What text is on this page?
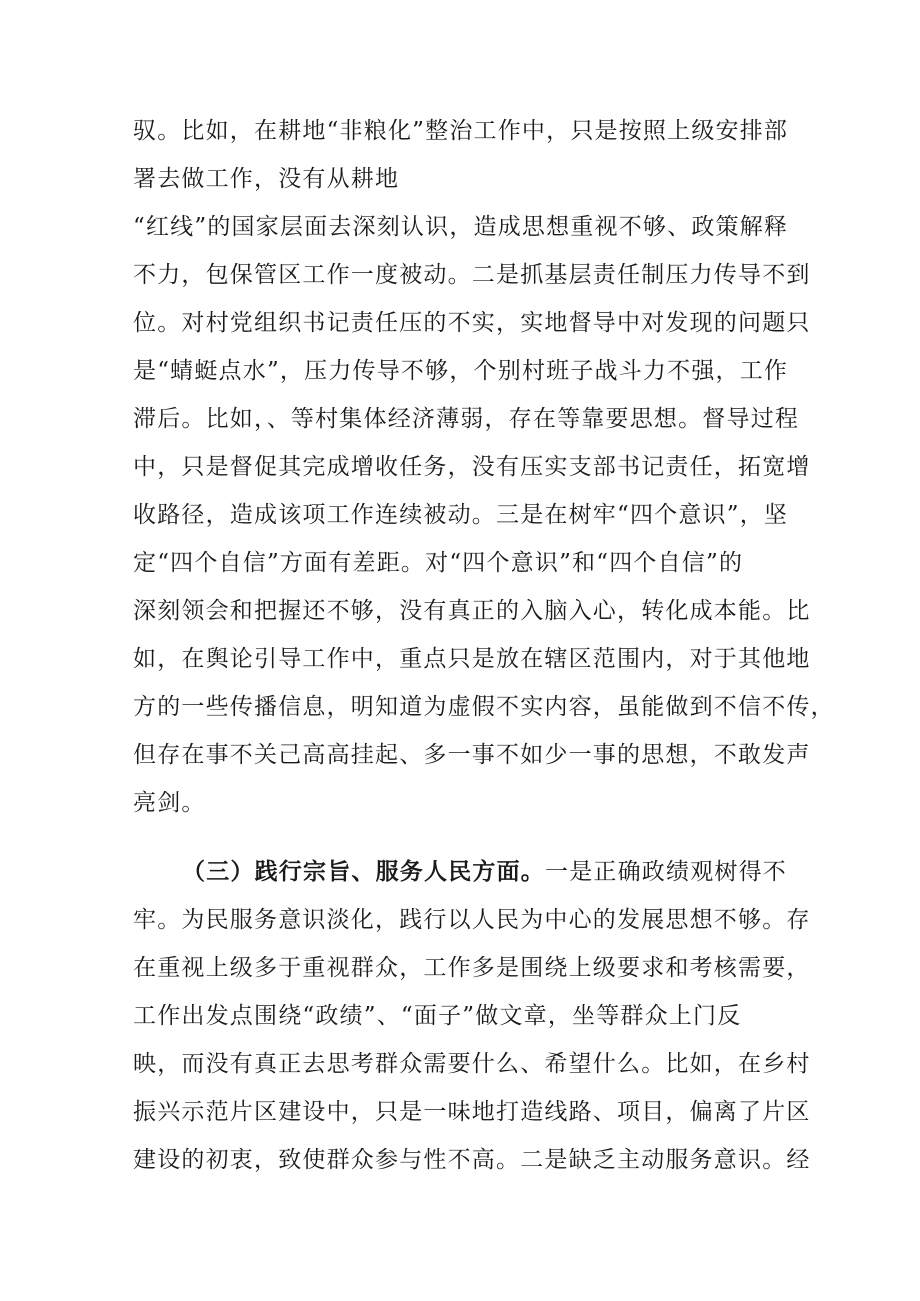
驭。比如，在耕地“非粮化”整治工作中，只是按照上级安排部
署去做工作，没有从耕地
“红线”的国家层面去深刻认识，造成思想重视不够、政策解释
不力，包保管区工作一度被动。二是抓基层责任制压力传导不到
位。对村党组织书记责任压的不实，实地督导中对发现的问题只
是“蜻蜓点水”，压力传导不够，个别村班子战斗力不强，工作
滞后。比如，、等村集体经济薄弱，存在等靠要思想。督导过程
中，只是督促其完成增收任务，没有压实支部书记责任，拓宽增
收路径，造成该项工作连续被动。三是在树牢“四个意识”，坚
定“四个自信”方面有差距。对“四个意识”和“四个自信”的
深刻领会和把握还不够，没有真正的入脑入心，转化成本能。比
如，在舆论引导工作中，重点只是放在辖区范围内，对于其他地
方的一些传播信息，明知道为虚假不实内容，虽能做到不信不传，
但存在事不关己高高挂起、多一事不如少一事的思想，不敢发声
亮剑。
（三）践行宗旨、服务人民方面。一是正确政绩观树得不
牢。为民服务意识淡化，践行以人民为中心的发展思想不够。存
在重视上级多于重视群众，工作多是围绕上级要求和考核需要，
工作出发点围绕“政绩”、“面子”做文章，坐等群众上门反
映，而没有真正去思考群众需要什么、希望什么。比如，在乡村
振兴示范片区建设中，只是一味地打造线路、项目，偏离了片区
建设的初衷，致使群众参与性不高。二是缺乏主动服务意识。经
